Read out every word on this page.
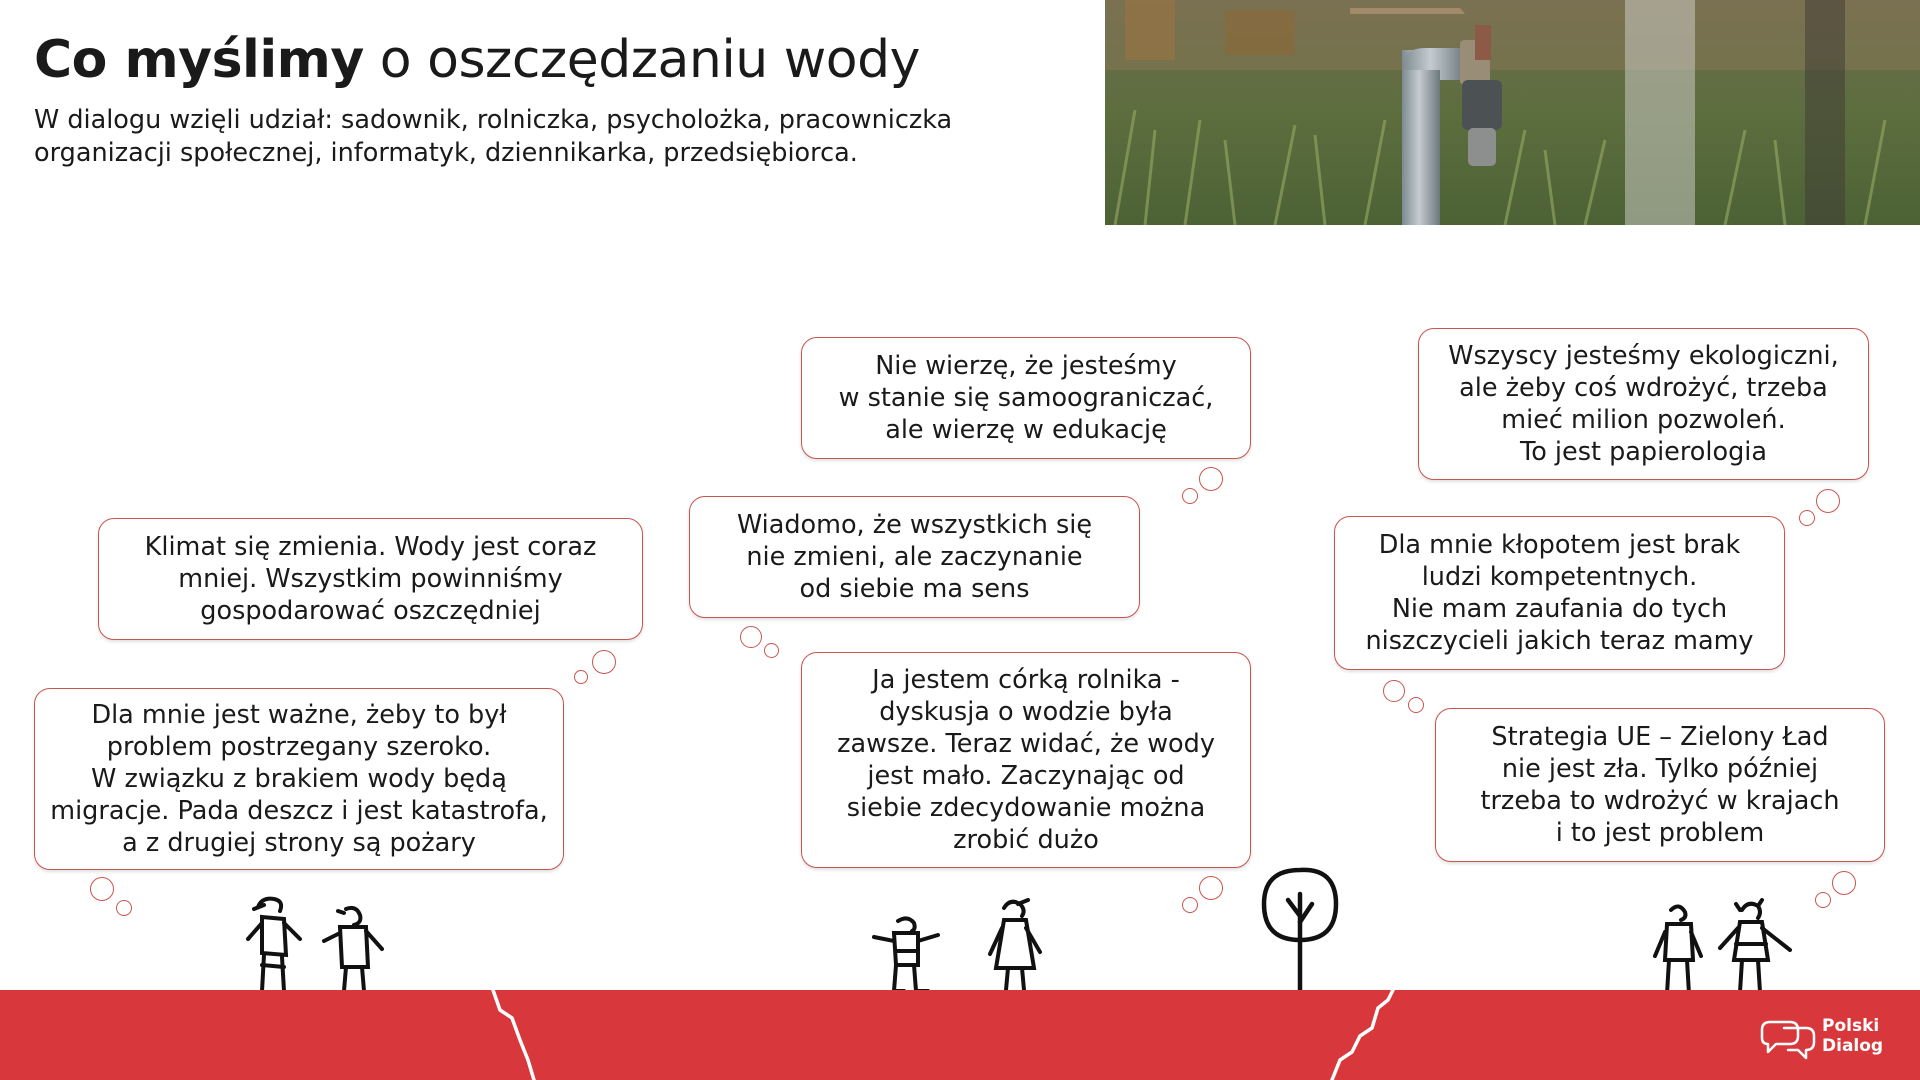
Co myślimy o oszczędzaniu wody
W dialogu wzięli udział: sadownik, rolniczka, psycholożka, pracowniczka organizacji społecznej, informatyk, dziennikarka, przedsiębiorca.
Klimat się zmienia. Wody jest coraz
mniej. Wszystkim powinniśmy
gospodarować oszczędniej
Dla mnie jest ważne, żeby to był
problem postrzegany szeroko.
W związku z brakiem wody będą
migracje. Pada deszcz i jest katastrofa,
a z drugiej strony są pożary
Nie wierzę, że jesteśmy
w stanie się samoograniczać,
ale wierzę w edukację
Wiadomo, że wszystkich się
nie zmieni, ale zaczynanie
od siebie ma sens
Ja jestem córką rolnika -
dyskusja o wodzie była
zawsze. Teraz widać, że wody
jest mało. Zaczynając od
siebie zdecydowanie można
zrobić dużo
Wszyscy jesteśmy ekologiczni,
ale żeby coś wdrożyć, trzeba
mieć milion pozwoleń.
To jest papierologia
Dla mnie kłopotem jest brak
ludzi kompetentnych.
Nie mam zaufania do tych
niszczycieli jakich teraz mamy
Strategia UE – Zielony Ład
nie jest zła. Tylko później
trzeba to wdrożyć w krajach
i to jest problem
Polski
Dialog
